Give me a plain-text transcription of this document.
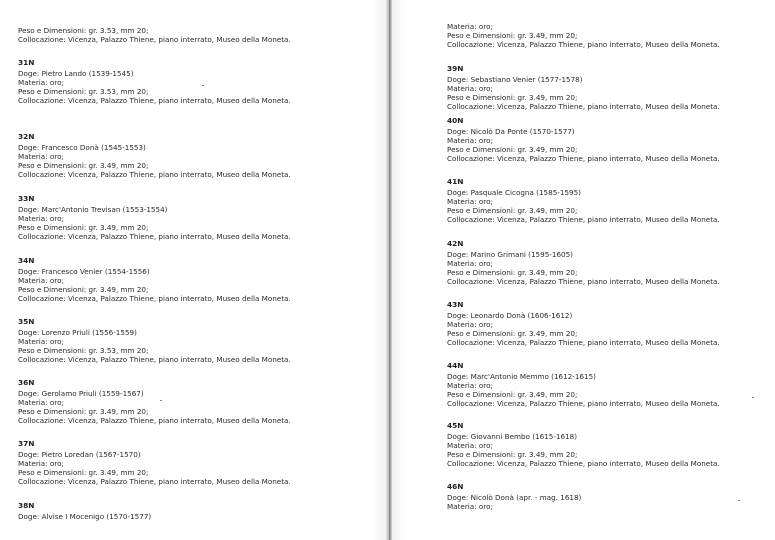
Peso e Dimensioni: gr. 3.53, mm 20;
Collocazione: Vicenza, Palazzo Thiene, piano interrato, Museo della Moneta.
31N
Doge: Pietro Lando (1539-1545)
Materia: oro;
Peso e Dimensioni: gr. 3.53, mm 20;
Collocazione: Vicenza, Palazzo Thiene, piano interrato, Museo della Moneta.
32N
Doge: Francesco Donà (1545-1553)
Materia: oro;
Peso e Dimensioni: gr. 3.49, mm 20;
Collocazione: Vicenza, Palazzo Thiene, piano interrato, Museo della Moneta.
33N
Doge: Marc'Antonio Trevisan (1553-1554)
Materia: oro;
Peso e Dimensioni: gr. 3.49, mm 20;
Collocazione: Vicenza, Palazzo Thiene, piano interrato, Museo della Moneta.
34N
Doge: Francesco Venier (1554-1556)
Materia: oro;
Peso e Dimensioni: gr. 3.49, mm 20;
Collocazione: Vicenza, Palazzo Thiene, piano interrato, Museo della Moneta.
35N
Doge: Lorenzo Priuli (1556-1559)
Materia: oro;
Peso e Dimensioni: gr. 3.53, mm 20;
Collocazione: Vicenza, Palazzo Thiene, piano interrato, Museo della Moneta.
36N
Doge: Gerolamo Priuli (1559-1567)
Materia: oro;
Peso e Dimensioni: gr. 3.49, mm 20;
Collocazione: Vicenza, Palazzo Thiene, piano interrato, Museo della Moneta.
37N
Doge: Pietro Loredan (1567-1570)
Materia: oro;
Peso e Dimensioni: gr. 3.49, mm 20;
Collocazione: Vicenza, Palazzo Thiene, piano interrato, Museo della Moneta.
38N
Doge: Alvise I Mocenigo (1570-1577)
Materia: oro;
Peso e Dimensioni: gr. 3.49, mm 20;
Collocazione: Vicenza, Palazzo Thiene, piano interrato, Museo della Moneta.
39N
Doge: Sebastiano Venier (1577-1578)
Materia: oro;
Peso e Dimensioni: gr. 3.49, mm 20;
Collocazione: Vicenza, Palazzo Thiene, piano interrato, Museo della Moneta.
40N
Doge: Nicolò Da Ponte (1570-1577)
Materia: oro;
Peso e Dimensioni: gr. 3.49, mm 20;
Collocazione: Vicenza, Palazzo Thiene, piano interrato, Museo della Moneta.
41N
Doge: Pasquale Cicogna (1585-1595)
Materia: oro;
Peso e Dimensioni: gr. 3.49, mm 20;
Collocazione: Vicenza, Palazzo Thiene, piano interrato, Museo della Moneta.
42N
Doge: Marino Grimani (1595-1605)
Materia: oro;
Peso e Dimensioni: gr. 3.49, mm 20;
Collocazione: Vicenza, Palazzo Thiene, piano interrato, Museo della Moneta.
43N
Doge: Leonardo Donà (1606-1612)
Materia: oro;
Peso e Dimensioni: gr. 3.49, mm 20;
Collocazione: Vicenza, Palazzo Thiene, piano interrato, Museo della Moneta.
44N
Doge: Marc'Antonio Memmo (1612-1615)
Materia: oro;
Peso e Dimensioni: gr. 3.49, mm 20;
Collocazione: Vicenza, Palazzo Thiene, piano interrato, Museo della Moneta.
45N
Doge: Giovanni Bembo (1615-1618)
Materia: oro;
Peso e Dimensioni: gr. 3.49, mm 20;
Collocazione: Vicenza, Palazzo Thiene, piano interrato, Museo della Moneta.
46N
Doge: Nicolò Donà (apr. - mag. 1618)
Materia: oro;
